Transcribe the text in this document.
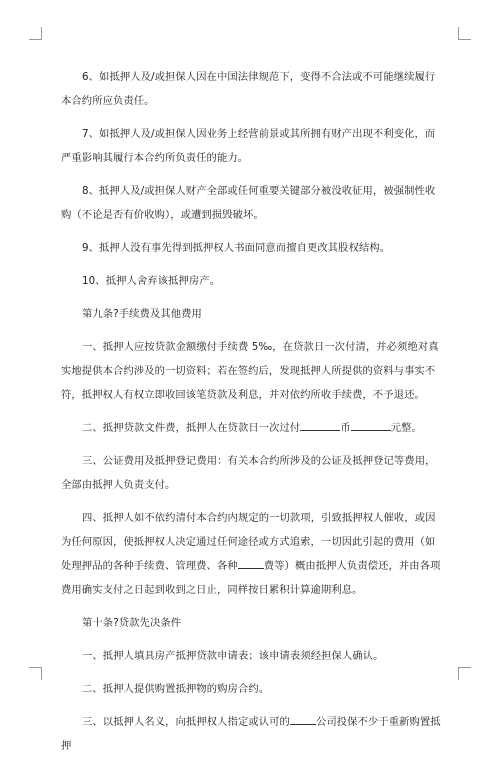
6、如抵押人及/或担保人因在中国法律规范下，变得不合法或不可能继续履行本合约所应负责任。

7、如抵押人及/或担保人因业务上经营前景或其所拥有财产出现不利变化，而严重影响其履行本合约所负责任的能力。

8、抵押人及/或担保人财产全部或任何重要关键部分被没收征用，被强制性收购（不论是否有价收购），或遭到损毁破坏。

9、抵押人没有事先得到抵押权人书面同意而擅自更改其股权结构。

10、抵押人舍弃该抵押房产。

第九条?手续费及其他费用

一、抵押人应按贷款金额缴付手续费 5‰，在贷款日一次付清，并必须绝对真实地提供本合约涉及的一切资料；若在签约后，发现抵押人所提供的资料与事实不符，抵押权人有权立即收回该笔贷款及利息，并对依约所收手续费，不予退还。

二、抵押贷款文件费，抵押人在贷款日一次过付	币	元整。

三、公证费用及抵押登记费用：有关本合约所涉及的公证及抵押登记等费用，全部由抵押人负责支付。

四、抵押人如不依约清付本合约内规定的一切款项，引致抵押权人催收，或因为任何原因，使抵押权人决定通过任何途径或方式追索，一切因此引起的费用（如处理押品的各种手续费、管理费、各种	费等）概由抵押人负责偿还，并由各项费用确实支付之日起到收到之日止，同样按日累积计算逾期利息。

第十条?贷款先决条件

一、抵押人填具房产抵押贷款申请表；该申请表须经担保人确认。

二、抵押人提供购置抵押物的购房合约。

三、以抵押人名义，向抵押权人指定或认可的	公司投保不少于重新购置抵押
